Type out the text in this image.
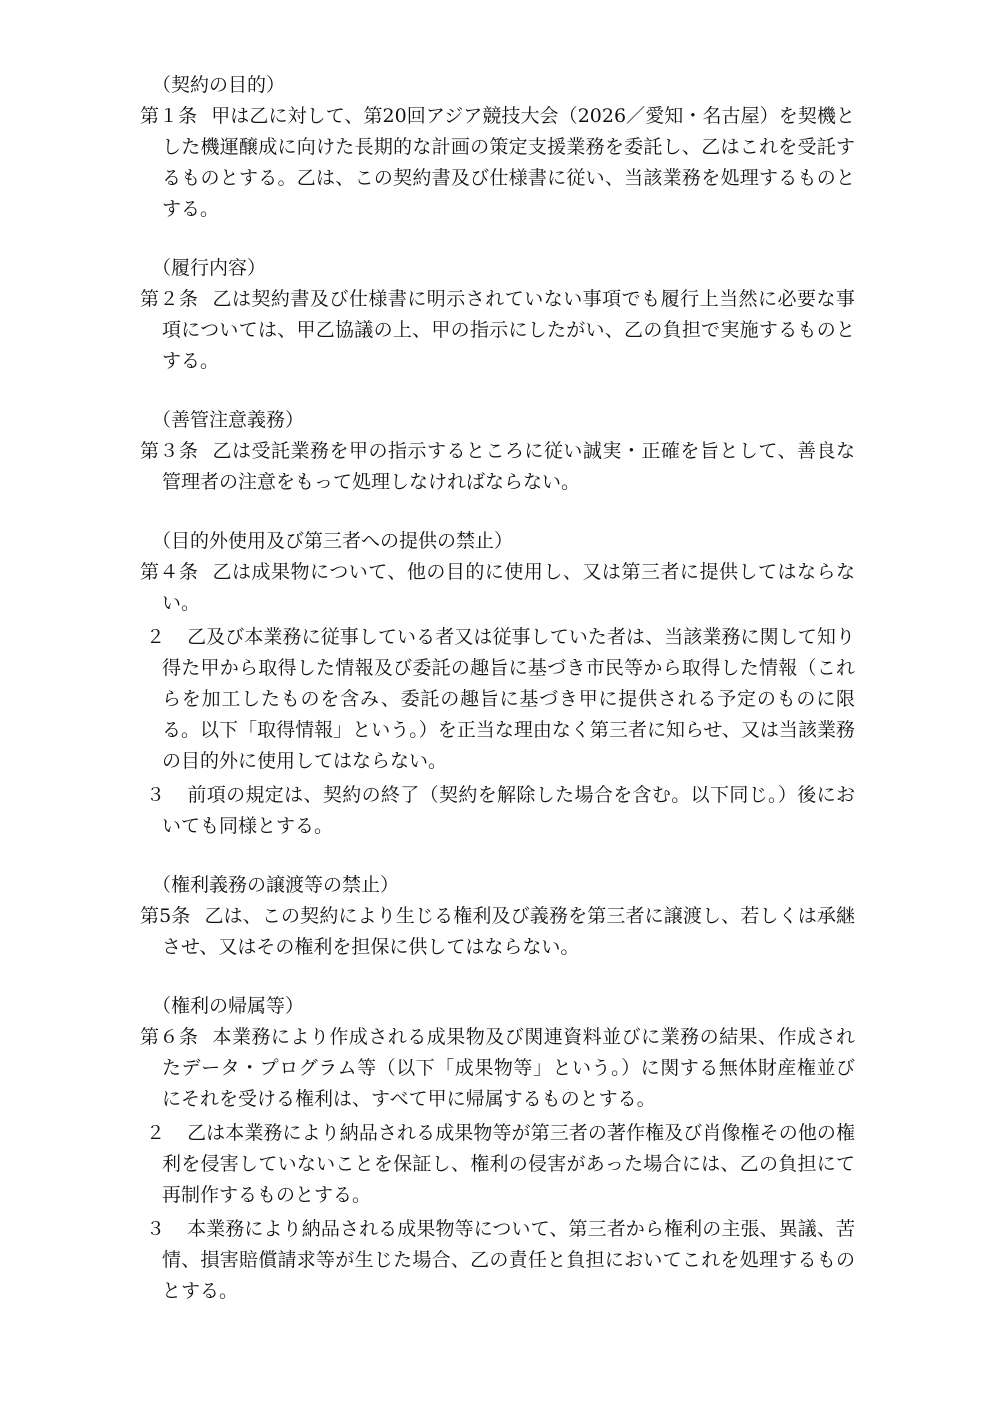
（契約の目的）

第１条 甲は乙に対して、第20回アジア競技大会（2026／愛知・名古屋）を契機とした機運醸成に向けた長期的な計画の策定支援業務を委託し、乙はこれを受託するものとする。乙は、この契約書及び仕様書に従い、当該業務を処理するものとする。

（履行内容）

第２条 乙は契約書及び仕様書に明示されていない事項でも履行上当然に必要な事項については、甲乙協議の上、甲の指示にしたがい、乙の負担で実施するものとする。

（善管注意義務）

第３条 乙は受託業務を甲の指示するところに従い誠実・正確を旨として、善良な管理者の注意をもって処理しなければならない。

（目的外使用及び第三者への提供の禁止）

第４条 乙は成果物について、他の目的に使用し、又は第三者に提供してはならない。

２ 乙及び本業務に従事している者又は従事していた者は、当該業務に関して知り得た甲から取得した情報及び委託の趣旨に基づき市民等から取得した情報（これらを加工したものを含み、委託の趣旨に基づき甲に提供される予定のものに限る。以下「取得情報」という。）を正当な理由なく第三者に知らせ、又は当該業務の目的外に使用してはならない。

３ 前項の規定は、契約の終了（契約を解除した場合を含む。以下同じ。）後においても同様とする。

（権利義務の譲渡等の禁止）

第5条 乙は、この契約により生じる権利及び義務を第三者に譲渡し、若しくは承継させ、又はその権利を担保に供してはならない。

（権利の帰属等）

第６条 本業務により作成される成果物及び関連資料並びに業務の結果、作成されたデータ・プログラム等（以下「成果物等」という。）に関する無体財産権並びにそれを受ける権利は、すべて甲に帰属するものとする。

２ 乙は本業務により納品される成果物等が第三者の著作権及び肖像権その他の権利を侵害していないことを保証し、権利の侵害があった場合には、乙の負担にて再制作するものとする。

３ 本業務により納品される成果物等について、第三者から権利の主張、異議、苦情、損害賠償請求等が生じた場合、乙の責任と負担においてこれを処理するものとする。
